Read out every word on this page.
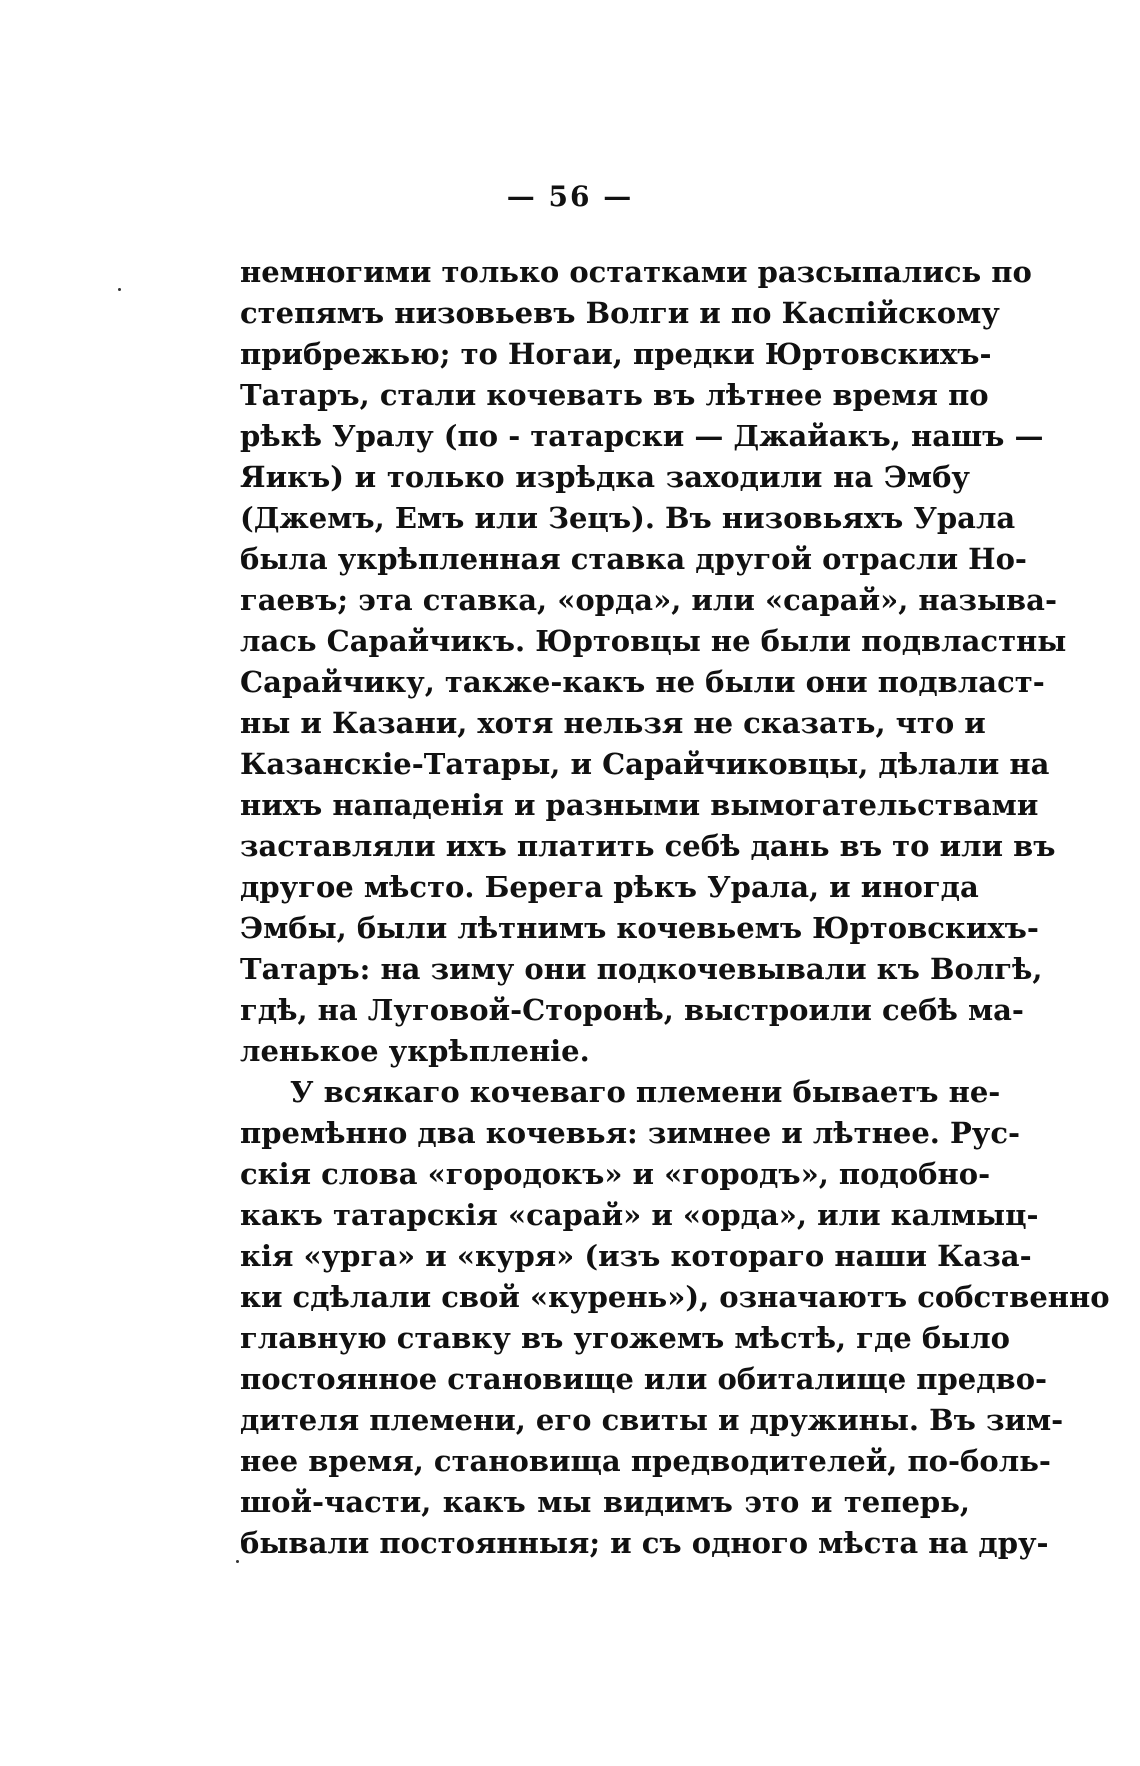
— 56 —
немногими только остатками разсыпались по
степямъ низовьевъ Волги и по Каспійскому
прибрежью; то Ногаи, предки Юртовскихъ-
Татаръ, стали кочевать въ лѣтнее время по
рѣкѣ Уралу (по - татарски — Джайакъ, нашъ —
Яикъ) и только изрѣдка заходили на Эмбу
(Джемъ, Емъ или Зецъ). Въ низовьяхъ Урала
была укрѣпленная ставка другой отрасли Но-
гаевъ; эта ставка, «орда», или «сарай», называ-
лась Сарайчикъ. Юртовцы не были подвластны
Сарайчику, также-какъ не были они подвласт-
ны и Казани, хотя нельзя не сказать, что и
Казанскіе-Татары, и Сарайчиковцы, дѣлали на
нихъ нападенія и разными вымогательствами
заставляли ихъ платить себѣ дань въ то или въ
другое мѣсто. Берега рѣкъ Урала, и иногда
Эмбы, были лѣтнимъ кочевьемъ Юртовскихъ-
Татаръ: на зиму они подкочевывали къ Волгѣ,
гдѣ, на Луговой-Сторонѣ, выстроили себѣ ма-
ленькое укрѣпленіе.
У всякаго кочеваго племени бываетъ не-
премѣнно два кочевья: зимнее и лѣтнее. Рус-
скія слова «городокъ» и «городъ», подобно-
какъ татарскія «сарай» и «орда», или калмыц-
кія «урга» и «куря» (изъ котораго наши Каза-
ки сдѣлали свой «курень»), означаютъ собственно
главную ставку въ угожемъ мѣстѣ, где было
постоянное становище или обиталище предво-
дителя племени, его свиты и дружины. Въ зим-
нее время, становища предводителей, по-боль-
шой-части, какъ мы видимъ это и теперь,
бывали постоянныя; и съ одного мѣста на дру-
